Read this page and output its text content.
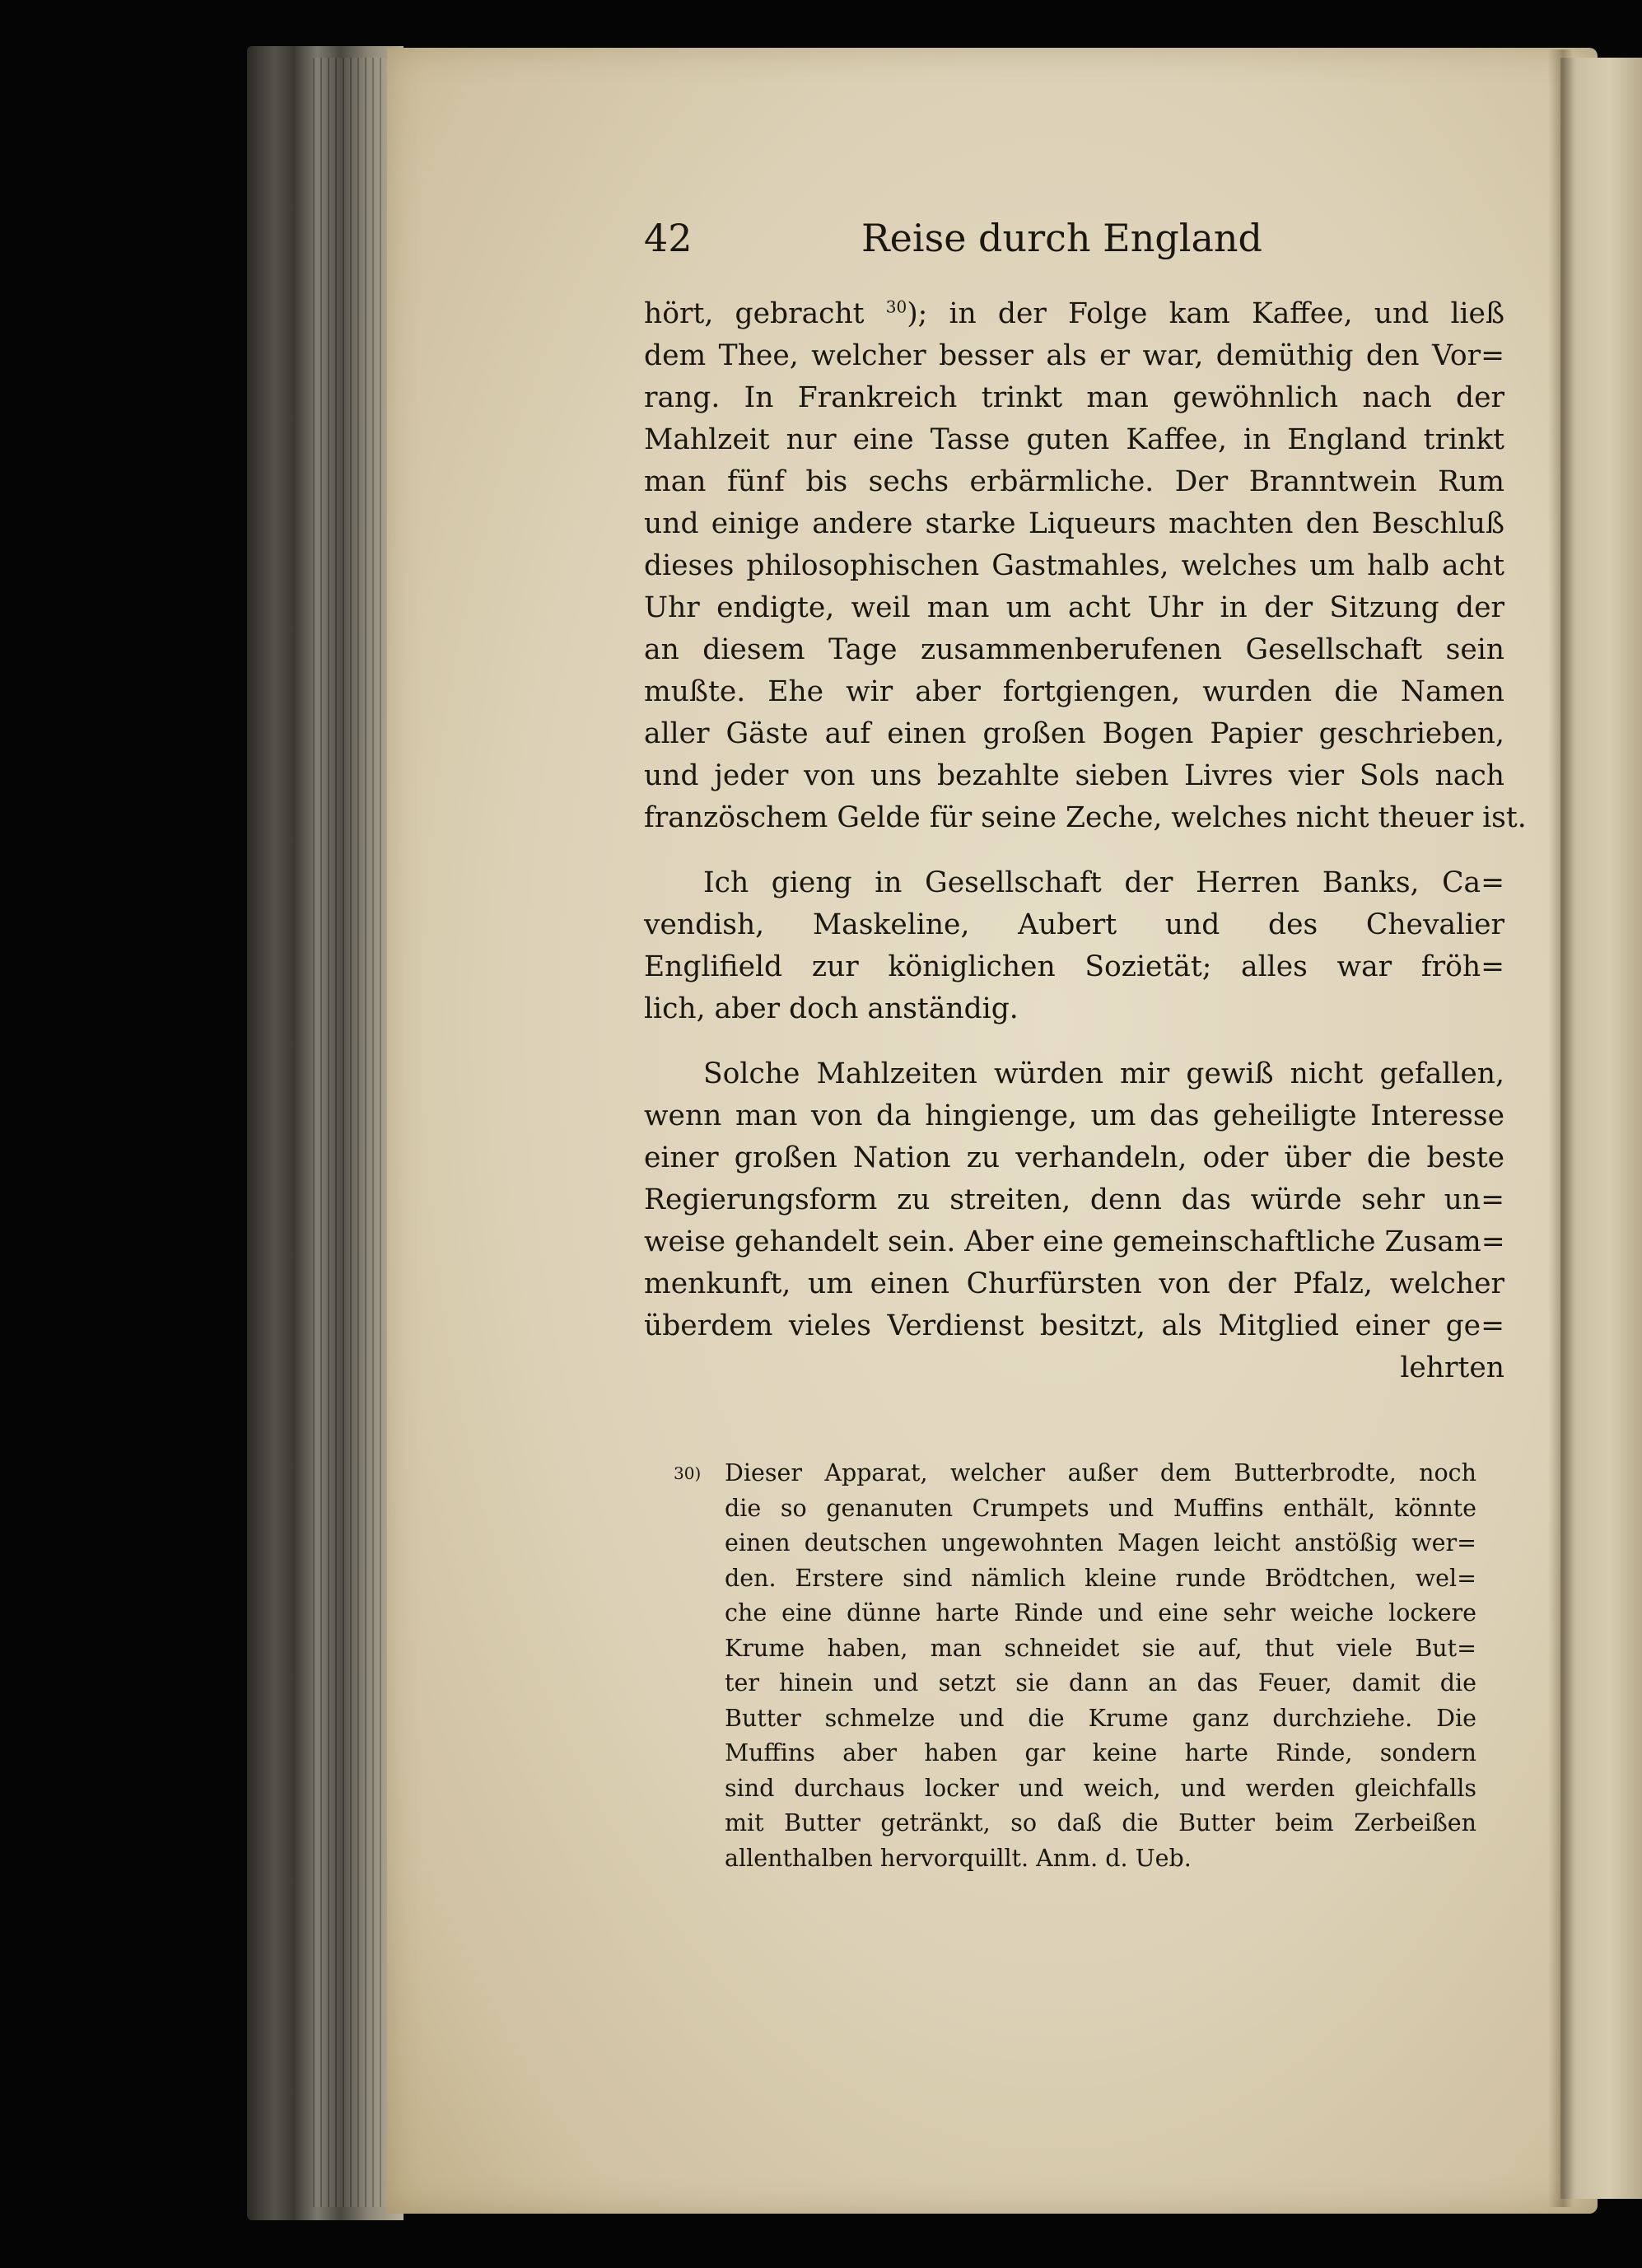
42	Reise durch England

hört, gebracht $^{30}$); in der Folge kam Kaffee, und ließ
dem Thee, welcher besser als er war, demüthig den Vor=
rang. In Frankreich trinkt man gewöhnlich nach der
Mahlzeit nur eine Tasse guten Kaffee, in England trinkt
man fünf bis sechs erbärmliche. Der Branntwein Rum
und einige andere starke Liqueurs machten den Beschluß
dieses philosophischen Gastmahles, welches um halb acht
Uhr endigte, weil man um acht Uhr in der Sitzung der
an diesem Tage zusammenberufenen Gesellschaft sein
mußte. Ehe wir aber fortgiengen, wurden die Namen
aller Gäste auf einen großen Bogen Papier geschrieben,
und jeder von uns bezahlte sieben Livres vier Sols nach
französchem Gelde für seine Zeche, welches nicht theuer ist.

Ich gieng in Gesellschaft der Herren Banks, Ca=
vendish, Maskeline, Aubert und des Chevalier
Englifield zur königlichen Sozietät; alles war fröh=
lich, aber doch anständig.

Solche Mahlzeiten würden mir gewiß nicht gefallen,
wenn man von da hingienge, um das geheiligte Interesse
einer großen Nation zu verhandeln, oder über die beste
Regierungsform zu streiten, denn das würde sehr un=
weise gehandelt sein. Aber eine gemeinschaftliche Zusam=
menkunft, um einen Churfürsten von der Pfalz, welcher
überdem vieles Verdienst besitzt, als Mitglied einer ge=

lehrten
30) Dieser Apparat, welcher außer dem Butterbrodte, noch
die so genanuten Crumpets und Muffins enthält, könnte
einen deutschen ungewohnten Magen leicht anstößig wer=
den. Erstere sind nämlich kleine runde Brödtchen, wel=
che eine dünne harte Rinde und eine sehr weiche lockere
Krume haben, man schneidet sie auf, thut viele But=
ter hinein und setzt sie dann an das Feuer, damit die
Butter schmelze und die Krume ganz durchziehe. Die
Muffins aber haben gar keine harte Rinde, sondern
sind durchaus locker und weich, und werden gleichfalls
mit Butter getränkt, so daß die Butter beim Zerbeißen
allenthalben hervorquillt. Anm. d. Ueb.
